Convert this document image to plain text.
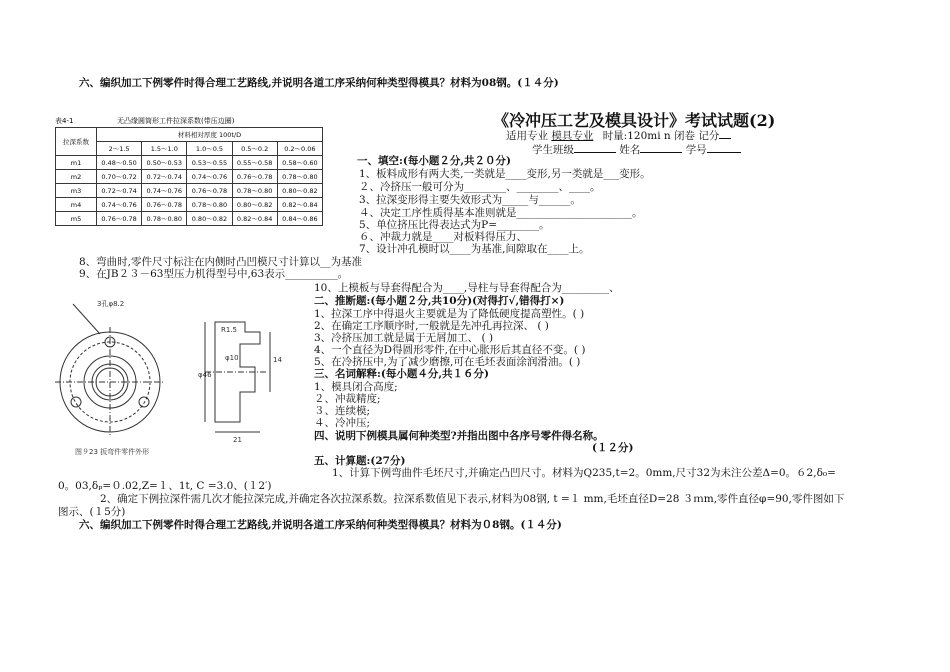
六、编织加工下例零件时得合理工艺路线,并说明各道工序采纳何种类型得模具？材料为08钢。(１４分)
表4-1	无凸缘圆筒形工件拉深系数(带压边圈)
拉深系数	材料相对厚度 100t/D				
	2～1.5	1.5～1.0	1.0～0.5	0.5～0.2	0.2～0.06
m1	0.48～0.50	0.50～0.53	0.53～0.55	0.55～0.58	0.58～0.60
m2	0.70～0.72	0.72～0.74	0.74～0.76	0.76～0.78	0.78～0.80
m3	0.72～0.74	0.74～0.76	0.76～0.78	0.78～0.80	0.80～0.82
m4	0.74～0.76	0.76～0.78	0.78～0.80	0.80～0.82	0.82～0.84
m5	0.76～0.78	0.78～0.80	0.80～0.82	0.82～0.84	0.84～0.86
《冷冲压工艺及模具设计》考试试题(2)
适用专业 模具专业 时量:120mi n 闭卷 记分
学生班级	姓名	学号
一、填空:(每小题２分,共２０分)
1、板料成形有两大类,一类就是____变形,另一类就是___变形。
２、冷挤压一般可分为________、________、____。
3、拉深变形得主要失效形式为_____与______。
４、决定工序性质得基本准则就是______________________。
5、单位挤压比得表达式为P=________。
６、冲裁力就是____对板料得压力、
7、设计冲孔模时以____为基准,间隙取在____上。
8、弯曲时,零件尺寸标注在内侧时凸凹模尺寸计算以__为基准
9、在JB２３－63型压力机得型号中,63表示__________。
10、上模板与导套得配合为____,导柱与导套得配合为_________、
3孔φ8.2
R1.5
φ46
14
φ10
21
图９23 扳弯件零件外形
二、推断题:(每小题２分,共10分)(对得打√,错得打×)
1、拉深工序中得退火主要就是为了降低硬度提高塑性。( )
2、在确定工序顺序时,一般就是先冲孔再拉深、 ( )
3、冷挤压加工就是属于无屑加工、 ( )
4、一个直径为D得圆形零件,在中心胀形后其直径不变。( )
5、在冷挤压中,为了减少磨擦,可在毛坯表面涂润滑油。( )
三、名词解释:(每小题４分,共１６分)
1、模具闭合高度;
２、冲裁精度;
３、连续模;
４、冷冲压;
四、说明下例模具属何种类型?并指出图中各序号零件得名称。
(１２分)
五、计算题:(27分)
1、计算下例弯曲件毛坯尺寸,并确定凸凹尺寸。材料为Q235,t=2。0mm,尺寸32为未注公差Δ=0。６2,δ₀=
0。03,δₚ=０.02,Z=１、1t, C =3.0、(１2′)
2、确定下例拉深件需几次才能拉深完成,并确定各次拉深系数。拉深系数值见下表示,材料为08钢, t =１ mm,毛坯直径D=28 ３ｍm,零件直径φ=90,零件图如下
图示、(１5分)
六、编织加工下例零件时得合理工艺路线,并说明各道工序采纳何种类型得模具？材料为０8钢。(１４分)
